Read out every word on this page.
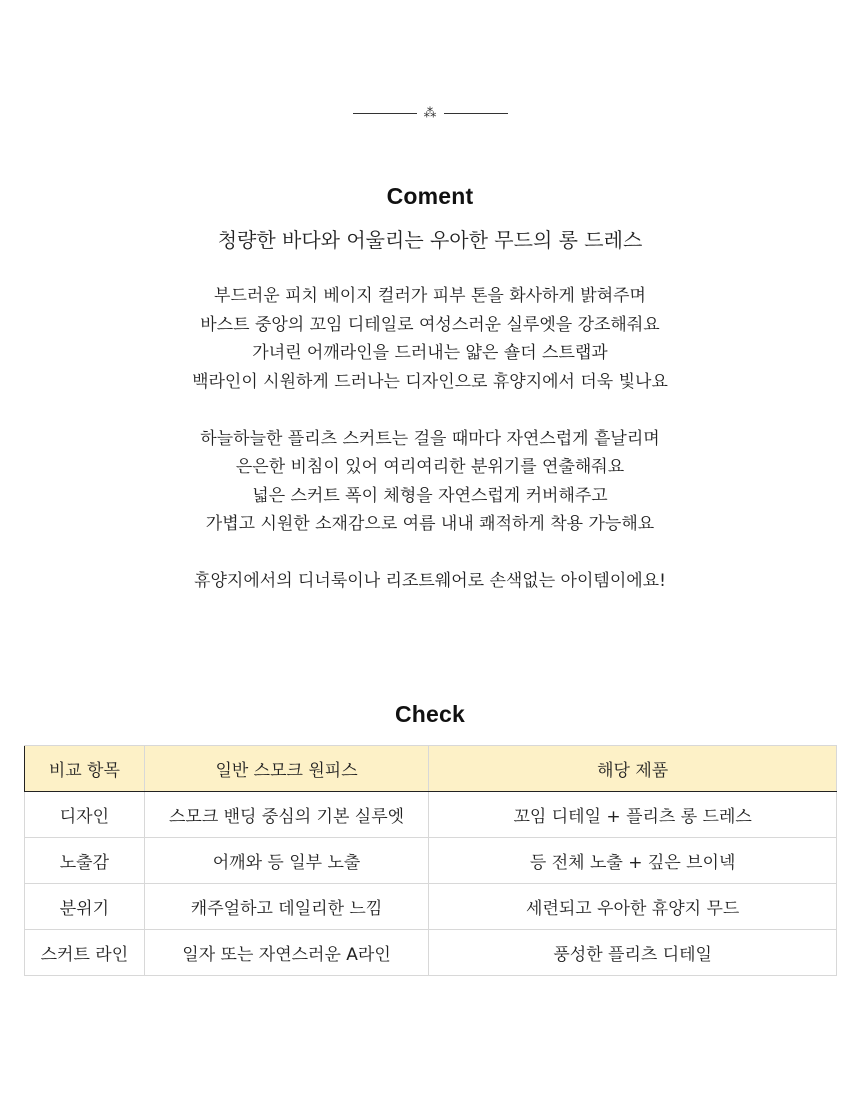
⁂
Coment

청량한 바다와 어울리는 우아한 무드의 롱 드레스

부드러운 피치 베이지 컬러가 피부 톤을 화사하게 밝혀주며
바스트 중앙의 꼬임 디테일로 여성스러운 실루엣을 강조해줘요
가녀린 어깨라인을 드러내는 얇은 숄더 스트랩과
백라인이 시원하게 드러나는 디자인으로 휴양지에서 더욱 빛나요
하늘하늘한 플리츠 스커트는 걸을 때마다 자연스럽게 흩날리며
은은한 비침이 있어 여리여리한 분위기를 연출해줘요
넓은 스커트 폭이 체형을 자연스럽게 커버해주고
가볍고 시원한 소재감으로 여름 내내 쾌적하게 착용 가능해요
휴양지에서의 디너룩이나 리조트웨어로 손색없는 아이템이에요!
Check
비교 항목	일반 스모크 원피스	해당 제품
디자인	스모크 밴딩 중심의 기본 실루엣	꼬임 디테일 + 플리츠 롱 드레스
노출감	어깨와 등 일부 노출	등 전체 노출 + 깊은 브이넥
분위기	캐주얼하고 데일리한 느낌	세련되고 우아한 휴양지 무드
스커트 라인	일자 또는 자연스러운 A라인	풍성한 플리츠 디테일
